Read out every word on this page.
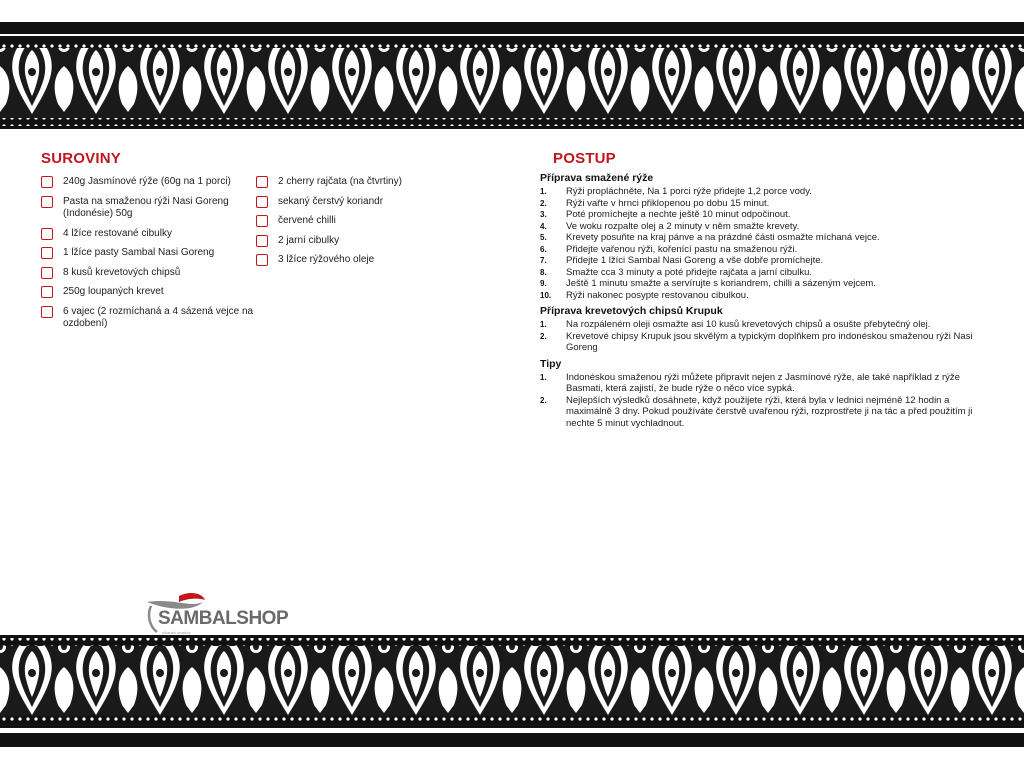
SUROVINY
240g Jasmínové rýže (60g na 1 porci)
Pasta na smaženou rýži Nasi Goreng (Indonésie) 50g
4 lžíce restované cibulky
1 lžíce pasty Sambal Nasi Goreng
8 kusů krevetových chipsů
250g loupaných krevet
6 vajec (2 rozmíchaná a 4 sázená vejce na ozdobení)
2 cherry rajčata (na čtvrtiny)
sekaný čerstvý koriandr
červené chilli
2 jarní cibulky
3 lžíce rýžového oleje
POSTUP
Příprava smažené rýže
1.	Rýži propláchněte, Na 1 porci rýže přidejte 1,2 porce vody.
2.	Rýži vařte v hrnci přiklopenou po dobu 15 minut.
3.	Poté promíchejte a nechte ještě 10 minut odpočinout.
4.	Ve woku rozpalte olej a 2 minuty v něm smažte krevety.
5.	Krevety posuňte na kraj pánve a na prázdné části osmažte míchaná vejce.
6.	Přidejte vařenou rýži, kořenící pastu na smaženou rýži.
7.	Přidejte 1 lžíci Sambal Nasi Goreng a vše dobře promíchejte.
8.	Smažte cca 3 minuty a poté přidejte rajčata a jarní cibulku.
9.	Ještě 1 minutu smažte a servírujte s koriandrem, chilli a sázeným vejcem.
10.	Rýži nakonec posypte restovanou cibulkou.
Příprava krevetových chipsů Krupuk
1.	Na rozpáleném oleji osmažte asi 10 kusů krevetových chipsů a osušte přebytečný olej.
2.	Krevetové chipsy Krupuk jsou skvělým a typickým doplňkem pro indonéskou smaženou rýži Nasi Goreng
Tipy
1.	Indonéskou smaženou rýži můžete připravit nejen z Jasmínové rýže, ale také například z rýže Basmati, která zajistí, že bude rýže o něco více sypká.
2.	Nejlepších výsledků dosáhnete, když použijete rýži, která byla v lednici nejméně 12 hodin a maximálně 3 dny. Pokud používáte čerstvě uvařenou rýži, rozprostřete ji na tác a před použitím ji nechte 5 minut vychladnout.
SAMBALSHOP
pikantní omáčky
